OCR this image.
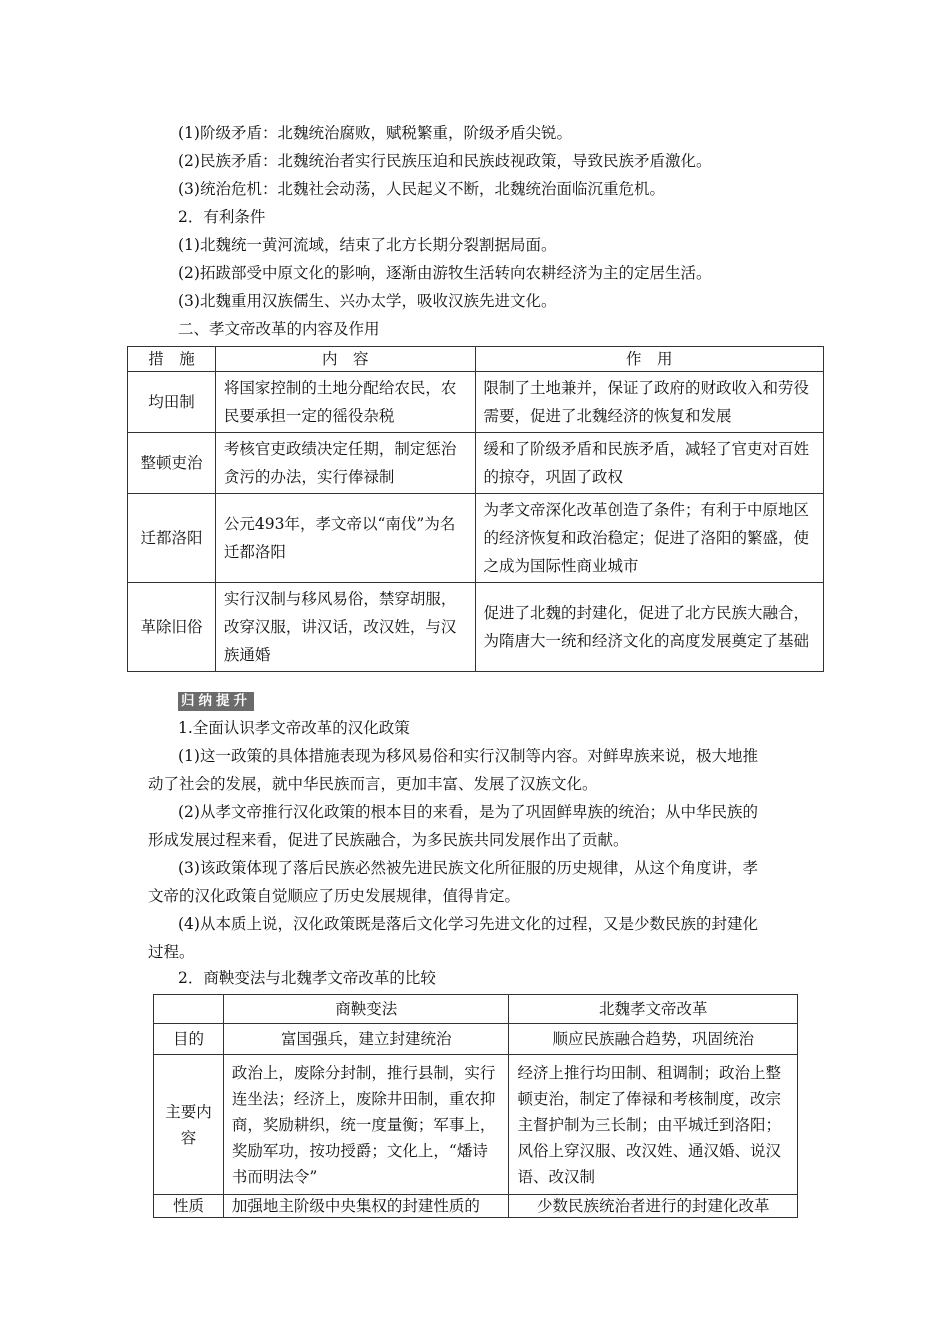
(1)阶级矛盾：北魏统治腐败，赋税繁重，阶级矛盾尖锐。
(2)民族矛盾：北魏统治者实行民族压迫和民族歧视政策，导致民族矛盾激化。
(3)统治危机：北魏社会动荡，人民起义不断，北魏统治面临沉重危机。
2．有利条件
(1)北魏统一黄河流域，结束了北方长期分裂割据局面。
(2)拓跋部受中原文化的影响，逐渐由游牧生活转向农耕经济为主的定居生活。
(3)北魏重用汉族儒生、兴办太学，吸收汉族先进文化。
二、孝文帝改革的内容及作用
措　施	内　容	作　用
均田制	将国家控制的土地分配给农民，农民要承担一定的徭役杂税	限制了土地兼并，保证了政府的财政收入和劳役需要，促进了北魏经济的恢复和发展
整顿吏治	考核官吏政绩决定任期，制定惩治贪污的办法，实行俸禄制	缓和了阶级矛盾和民族矛盾，减轻了官吏对百姓的掠夺，巩固了政权
迁都洛阳	公元493年，孝文帝以“南伐”为名迁都洛阳	为孝文帝深化改革创造了条件；有利于中原地区的经济恢复和政治稳定；促进了洛阳的繁盛，使之成为国际性商业城市
革除旧俗	实行汉制与移风易俗，禁穿胡服，改穿汉服，讲汉话，改汉姓，与汉族通婚	促进了北魏的封建化，促进了北方民族大融合，为隋唐大一统和经济文化的高度发展奠定了基础
归纳提升
1.全面认识孝文帝改革的汉化政策
(1)这一政策的具体措施表现为移风易俗和实行汉制等内容。对鲜卑族来说，极大地推
动了社会的发展，就中华民族而言，更加丰富、发展了汉族文化。
(2)从孝文帝推行汉化政策的根本目的来看，是为了巩固鲜卑族的统治；从中华民族的
形成发展过程来看，促进了民族融合，为多民族共同发展作出了贡献。
(3)该政策体现了落后民族必然被先进民族文化所征服的历史规律，从这个角度讲，孝
文帝的汉化政策自觉顺应了历史发展规律，值得肯定。
(4)从本质上说，汉化政策既是落后文化学习先进文化的过程，又是少数民族的封建化
过程。
2．商鞅变法与北魏孝文帝改革的比较
	商鞅变法	北魏孝文帝改革
目的	富国强兵，建立封建统治	顺应民族融合趋势，巩固统治
主要内容	政治上，废除分封制，推行县制，实行连坐法；经济上，废除井田制，重农抑商，奖励耕织，统一度量衡；军事上，奖励军功，按功授爵；文化上，“燔诗书而明法令”	经济上推行均田制、租调制；政治上整顿吏治，制定了俸禄和考核制度，改宗主督护制为三长制；由平城迁到洛阳；风俗上穿汉服、改汉姓、通汉婚、说汉语、改汉制
性质	加强地主阶级中央集权的封建性质的	少数民族统治者进行的封建化改革
